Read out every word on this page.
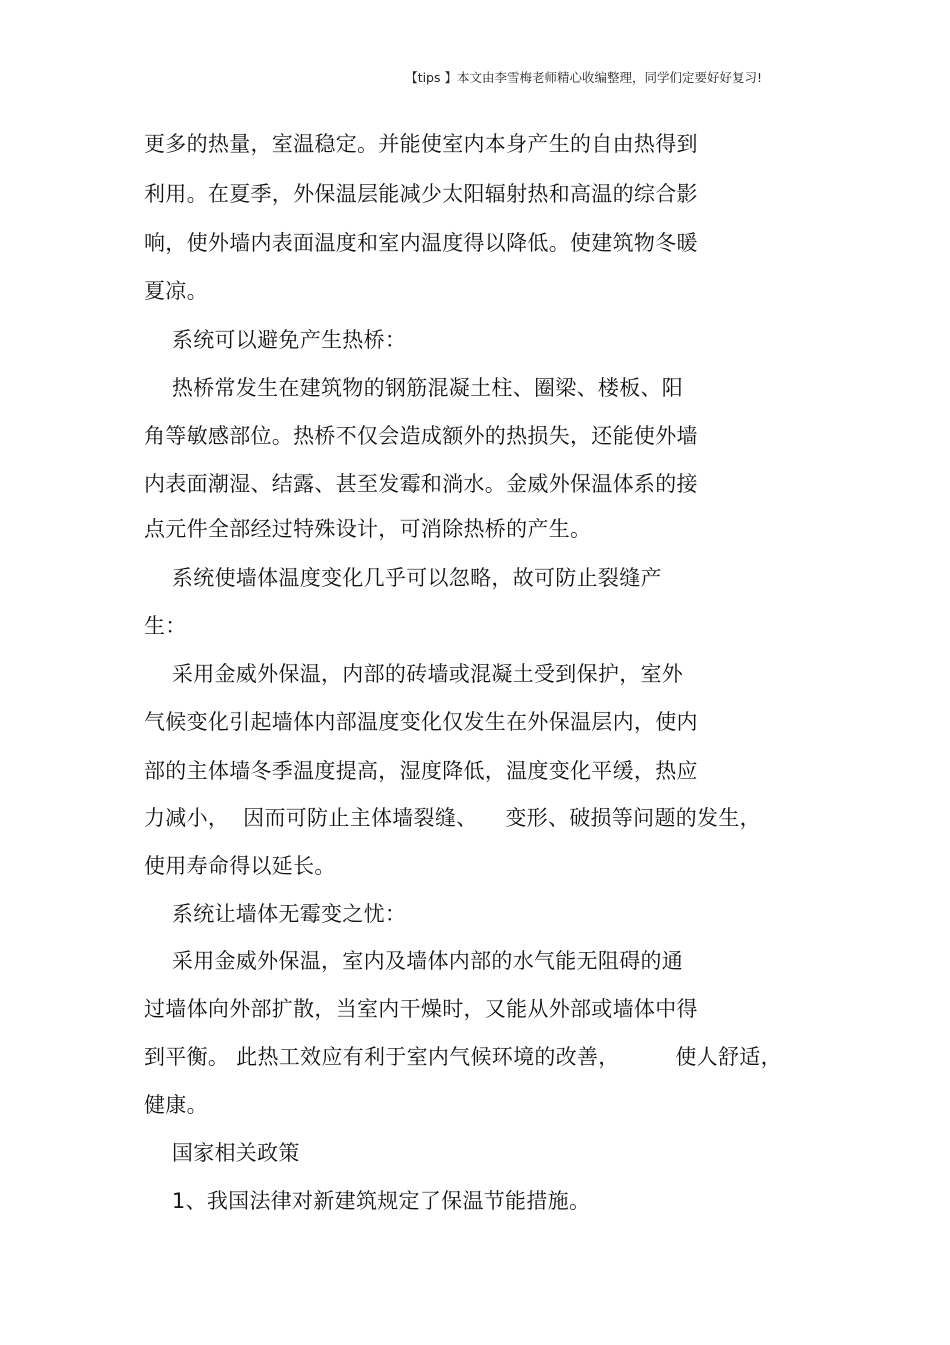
【tips 】本文由李雪梅老师精心收编整理，同学们定要好好复习!
更多的热量，室温稳定。并能使室内本身产生的自由热得到
利用。在夏季，外保温层能减少太阳辐射热和高温的综合影
响，使外墙内表面温度和室内温度得以降低。使建筑物冬暖
夏凉。
系统可以避免产生热桥：
热桥常发生在建筑物的钢筋混凝土柱、圈梁、楼板、阳
角等敏感部位。热桥不仅会造成额外的热损失，还能使外墙
内表面潮湿、结露、甚至发霉和淌水。金威外保温体系的接
点元件全部经过特殊设计，可消除热桥的产生。
系统使墙体温度变化几乎可以忽略，故可防止裂缝产
生：
采用金威外保温，内部的砖墙或混凝土受到保护，室外
气候变化引起墙体内部温度变化仅发生在外保温层内，使内
部的主体墙冬季温度提高，湿度降低，温度变化平缓，热应
力减小，  因而可防止主体墙裂缝、    变形、破损等问题的发生，
使用寿命得以延长。
系统让墙体无霉变之忧：
采用金威外保温，室内及墙体内部的水气能无阻碍的通
过墙体向外部扩散，当室内干燥时，又能从外部或墙体中得
到平衡。 此热工效应有利于室内气候环境的改善，        使人舒适，
健康。
国家相关政策
1、我国法律对新建筑规定了保温节能措施。
